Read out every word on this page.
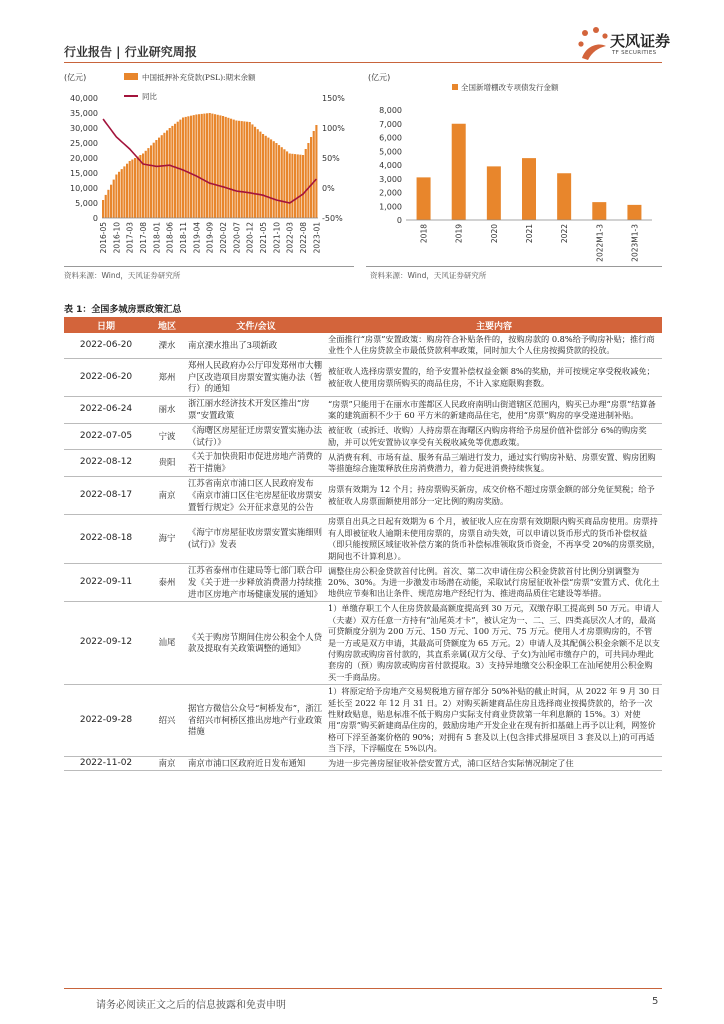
行业报告 | 行业研究周报
天风证券
TF SECURITIES
(亿元)	中国抵押补充贷款(PSL):期末余额
同比
0
5,000
10,000
15,000
20,000
25,000
30,000
35,000
40,000
-50%
0%
50%
100%
150%
2016-05 2016-10 2017-03 2017-08 2018-01 2018-06 2018-11 2019-04 2019-09 2020-02 2020-07 2020-12 2021-05 2021-10 2022-03 2022-08 2023-01
(亿元)
全国新增棚改专项债发行金额
0
1,000
2,000
3,000
4,000
5,000
6,000
7,000
8,000
2018	2019	2020	2021	2022	2022M1-3	2023M1-3
资料来源：Wind，天风证券研究所	资料来源：Wind，天风证券研究所
表 1：全国多城房票政策汇总
日期	地区	文件/会议	主要内容
2022-06-20	溧水	南京溧水推出了3项新政	全面推行“房票”安置政策：购房符合补贴条件的，按购房款的 0.8%给予购房补贴；推行商业性个人住房贷款全市最低贷款利率政策，同时加大个人住房按揭贷款的投放。
2022-06-20	郑州	郑州人民政府办公厅印发郑州市大棚户区改造项目房票安置实施办法（暂行）的通知	被征收人选择房票安置的，给予安置补偿权益金额 8%的奖励，并可按规定享受税收减免；被征收人使用房票所购买的商品住房，不计入家庭限购套数。
2022-06-24	丽水	浙江丽水经济技术开发区推出“房票”安置政策	“房票”只能用于在丽水市莲都区人民政府南明山街道辖区范围内，购买已办理“房票”结算备案的建筑面积不少于 60 平方米的新建商品住宅，使用“房票”购房的享受递进制补贴。
2022-07-05	宁波	《海曙区房屋征迁房票安置实施办法（试行）》	被征收（或拆迁、收购）人持房票在海曙区内购房将给予房屋价值补偿部分 6%的购房奖励，并可以凭安置协议享受有关税收减免等优惠政策。
2022-08-12	贵阳	《关于加快贵阳市促进房地产消费的若干措施》	从消费有利、市场有益、服务有品三端进行发力，通过实行购房补贴、房票安置、购房团购等措施综合施策释放住房消费潜力，着力促进消费持续恢复。
2022-08-17	南京	江苏省南京市浦口区人民政府发布《南京市浦口区住宅房屋征收房票安置暂行规定》公开征求意见的公告	房票有效期为 12 个月；持房票购买新房，成交价格不超过房票金额的部分免征契税；给予被征收人房票面额使用部分一定比例的购房奖励。
2022-08-18	海宁	《海宁市房屋征收房票安置实施细则(试行)》发表	房票自出具之日起有效期为 6 个月，被征收人应在房票有效期限内购买商品房使用。房票持有人即被征收人逾期未使用房票的，房票自动失效，可以申请以货币形式的货币补偿权益（即只能按照区域征收补偿方案的货币补偿标准领取货币资金，不再享受 20%的房票奖励，期间也不计算利息）。
2022-09-11	泰州	江苏省泰州市住建局等七部门联合印发《关于进一步释放消费潜力持续推进市区房地产市场健康发展的通知》	调整住房公积金贷款首付比例。首次、第二次申请住房公积金贷款首付比例分别调整为 20%、30%。为进一步激发市场潜在动能，采取试行房屋征收补偿“房票”安置方式、优化土地供应节奏和出让条件、规范房地产经纪行为、推进商品质住宅建设等举措。
2022-09-12	汕尾	《关于购房节期间住房公积金个人贷款及提取有关政策调整的通知》	1）单缴存职工个人住房贷款最高额度提高到 30 万元，双缴存职工提高到 50 万元。申请人（夫妻）双方任意一方持有“汕尾英才卡”，被认定为一、二、三、四类高层次人才的，最高可贷额度分别为 200 万元、150 万元、100 万元、75 万元。使用人才房票购房的，不管是一方或是双方申请，其最高可贷额度为 65 万元。2）申请人及其配偶公积金余额不足以支付购房款或购房首付款的，其直系亲属(双方父母、子女)为汕尾市缴存户的，可共同办理此套房的（预）购房款或购房首付款提取。3）支持异地缴交公积金职工在汕尾使用公积金购买一手商品房。
2022-09-28	绍兴	据官方微信公众号“柯桥发布”，浙江省绍兴市柯桥区推出房地产行业政策措施	1）将原定给予房地产交易契税地方留存部分 50%补贴的截止时间，从 2022 年 9 月 30 日延长至 2022 年 12 月 31 日。2）对购买新建商品住房且选择商业按揭贷款的，给予一次性财政贴息，贴息标准不低于购房户实际支付商业贷款第一年利息额的 15%。3）对使用“房票”购买新建商品住房的，鼓励房地产开发企业在现有折扣基础上再予以让利，网签价格可下浮至备案价格的 90%；对拥有 5 套及以上(包含排式排屋项目 3 套及以上)的可再适当下浮，下浮幅度在 5%以内。
2022-11-02	南京	南京市浦口区政府近日发布通知	为进一步完善房屋征收补偿安置方式，浦口区结合实际情况制定了住
请务必阅读正文之后的信息披露和免责申明	5
